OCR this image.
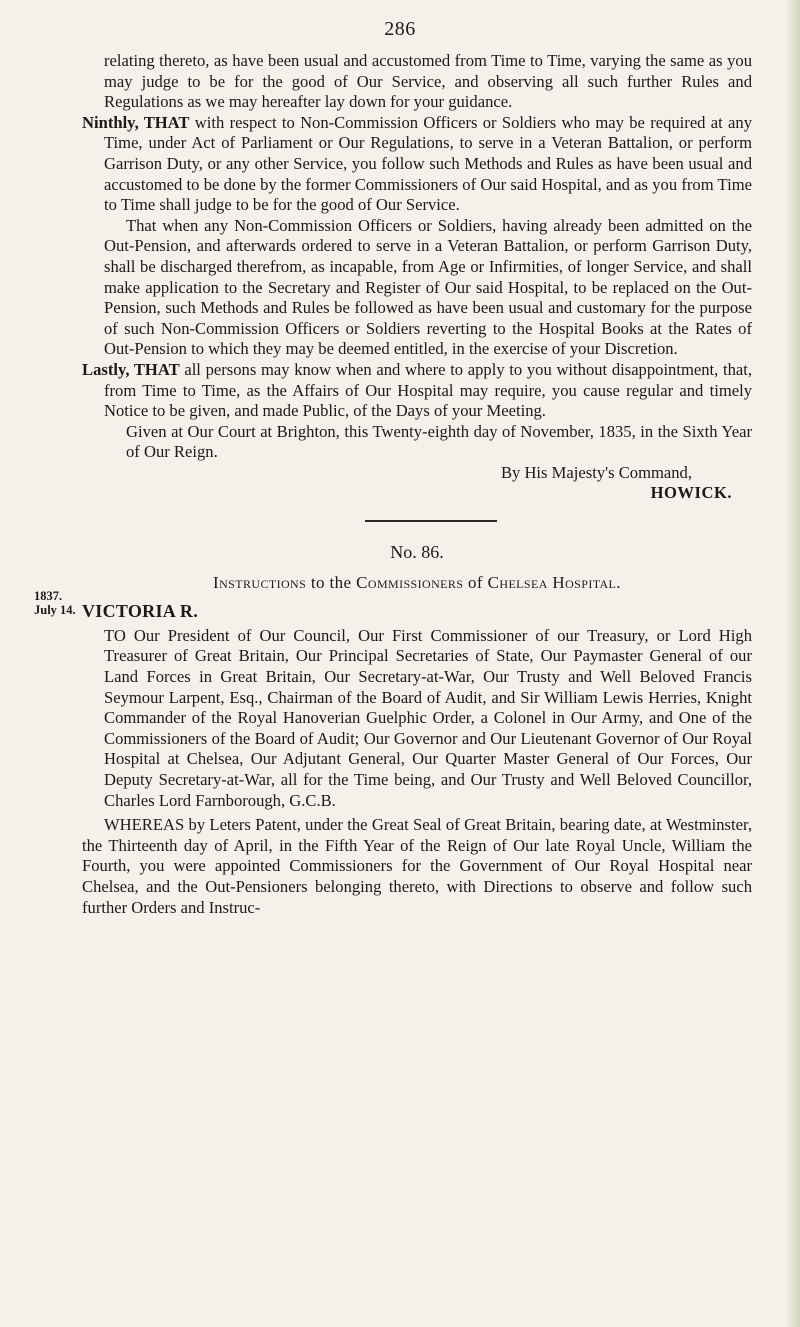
286
1837.
July 14.

relating thereto, as have been usual and accustomed from Time to Time, varying the same as you may judge to be for the good of Our Service, and observing all such further Rules and Regulations as we may hereafter lay down for your guidance.

Ninthly, THAT with respect to Non-Commission Officers or Soldiers who may be required at any Time, under Act of Parliament or Our Regulations, to serve in a Veteran Battalion, or perform Garrison Duty, or any other Service, you follow such Methods and Rules as have been usual and accustomed to be done by the former Commissioners of Our said Hospital, and as you from Time to Time shall judge to be for the good of Our Service.

That when any Non-Commission Officers or Soldiers, having already been admitted on the Out-Pension, and afterwards ordered to serve in a Veteran Battalion, or perform Garrison Duty, shall be discharged therefrom, as incapable, from Age or Infirmities, of longer Service, and shall make application to the Secretary and Register of Our said Hospital, to be replaced on the Out-Pension, such Methods and Rules be followed as have been usual and customary for the purpose of such Non-Commission Officers or Soldiers reverting to the Hospital Books at the Rates of Out-Pension to which they may be deemed entitled, in the exercise of your Discretion.

Lastly, THAT all persons may know when and where to apply to you without disappointment, that, from Time to Time, as the Affairs of Our Hospital may require, you cause regular and timely Notice to be given, and made Public, of the Days of your Meeting.

Given at Our Court at Brighton, this Twenty-eighth day of November, 1835, in the Sixth Year of Our Reign.

By His Majesty's Command,

HOWICK.

No. 86.

Instructions to the Commissioners of Chelsea Hospital.

VICTORIA R.

TO Our President of Our Council, Our First Commissioner of our Treasury, or Lord High Treasurer of Great Britain, Our Principal Secretaries of State, Our Paymaster General of our Land Forces in Great Britain, Our Secretary-at-War, Our Trusty and Well Beloved Francis Seymour Larpent, Esq., Chairman of the Board of Audit, and Sir William Lewis Herries, Knight Commander of the Royal Hanoverian Guelphic Order, a Colonel in Our Army, and One of the Commissioners of the Board of Audit; Our Governor and Our Lieutenant Governor of Our Royal Hospital at Chelsea, Our Adjutant General, Our Quarter Master General of Our Forces, Our Deputy Secretary-at-War, all for the Time being, and Our Trusty and Well Beloved Councillor, Charles Lord Farnborough, G.C.B.

WHEREAS by Leters Patent, under the Great Seal of Great Britain, bearing date, at Westminster, the Thirteenth day of April, in the Fifth Year of the Reign of Our late Royal Uncle, William the Fourth, you were appointed Commissioners for the Government of Our Royal Hospital near Chelsea, and the Out-Pensioners belonging thereto, with Directions to observe and follow such further Orders and Instruc-
